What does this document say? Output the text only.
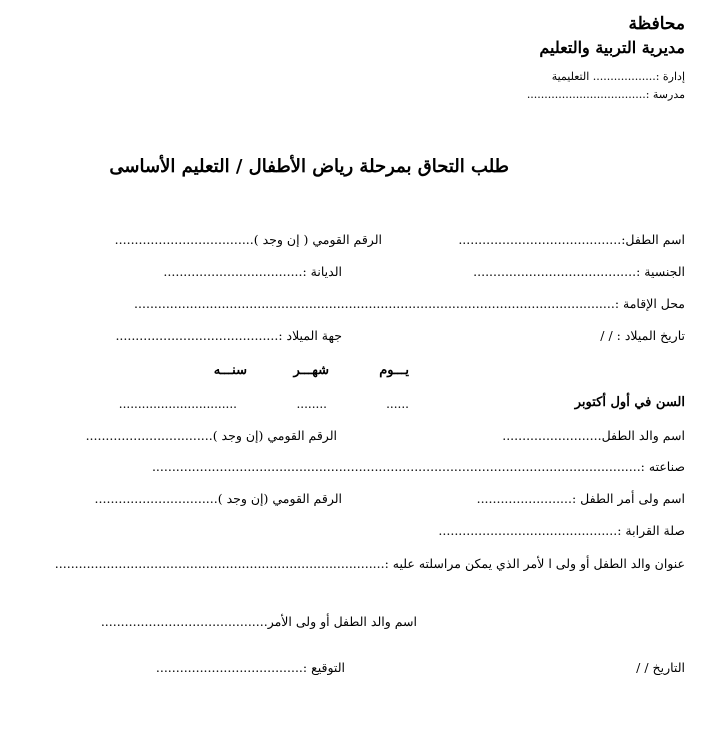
محافظة
مديرية التربية والتعليم
إدارة :.................. التعليمية
مدرسة :..................................
طلب التحاق بمرحلة رياض الأطفال / التعليم الأساسى
اسم الطفل:.........................................
الرقم القومي ( إن وجد )...................................
الجنسية :.........................................
الديانة :...................................
محل الإقامة :.........................................................................................................................
تاريخ الميلاد : / /
جهة الميلاد :.........................................
يـــوم
شهـــر
سنـــه
السن في أول أكتوبر
......
........
...............................
اسم والد الطفل.........................
الرقم القومي (إن وجد )................................
صناعته :...........................................................................................................................
اسم ولى أمر الطفل :........................
الرقم القومي (إن وجد )...............................
صلة القرابة :.............................................
عنوان والد الطفل أو ولى ا لأمر الذي يمكن مراسلته عليه :...................................................................................
اسم والد الطفل أو ولى الأمر..........................................
التاريخ / /
التوقيع :.....................................
